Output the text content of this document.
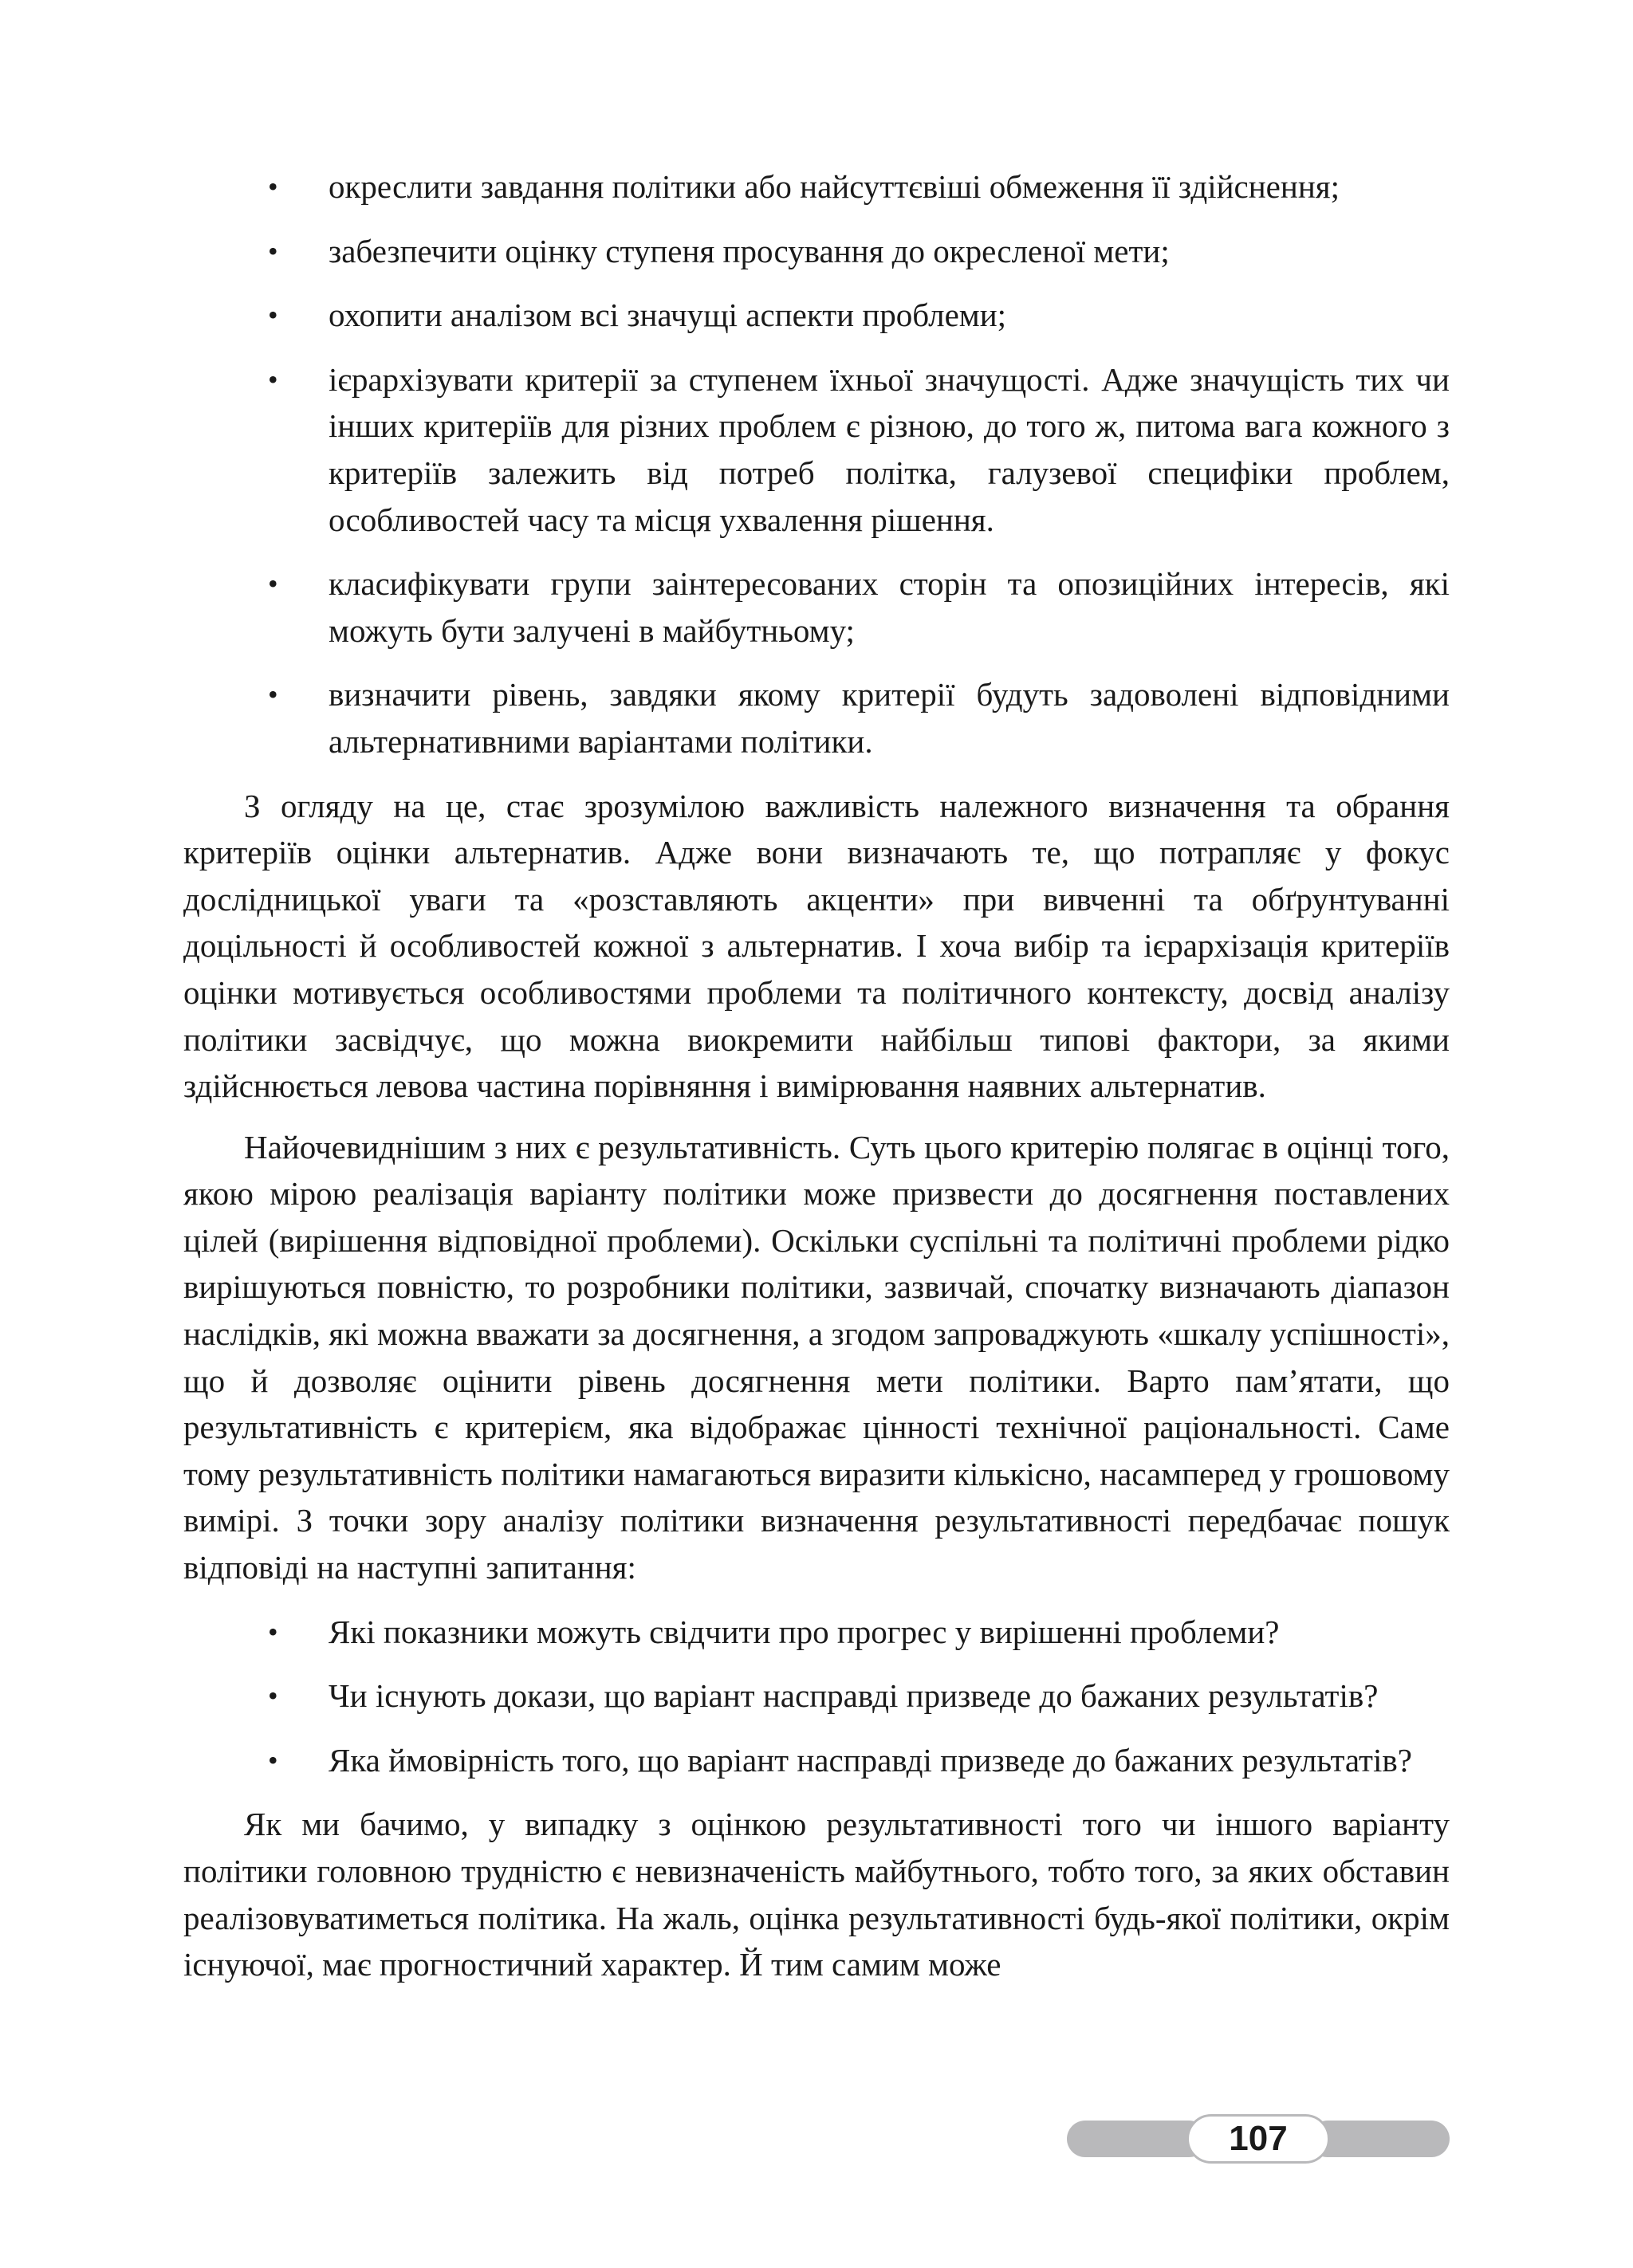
• окреслити завдання політики або найсуттєвіші обмеження її здійснення;
• забезпечити оцінку ступеня просування до окресленої мети;
• охопити аналізом всі значущі аспекти проблеми;
• ієрархізувати критерії за ступенем їхньої значущості. Адже значущість тих чи інших критеріїв для різних проблем є різною, до того ж, питома вага кожного з критеріїв залежить від потреб політка, галузевої специфіки проблем, особливостей часу та місця ухвалення рішення.
• класифікувати групи заінтересованих сторін та опозиційних інтересів, які можуть бути залучені в майбутньому;
• визначити рівень, завдяки якому критерії будуть задоволені відповідними альтернативними варіантами політики.

З огляду на це, стає зрозумілою важливість належного визначення та обрання критеріїв оцінки альтернатив. Адже вони визначають те, що потрапляє у фокус дослідницької уваги та «розставляють акценти» при вивченні та обґрунтуванні доцільності й особливостей кожної з альтернатив. І хоча вибір та ієрархізація критеріїв оцінки мотивується особливостями проблеми та політичного контексту, досвід аналізу політики засвідчує, що можна виокремити найбільш типові фактори, за якими здійснюється левова частина порівняння і вимірювання наявних альтернатив.

Найочевиднішим з них є результативність. Суть цього критерію полягає в оцінці того, якою мірою реалізація варіанту політики може призвести до досягнення поставлених цілей (вирішення відповідної проблеми). Оскільки суспільні та політичні проблеми рідко вирішуються повністю, то розробники політики, зазвичай, спочатку визначають діапазон наслідків, які можна вважати за досягнення, а згодом запроваджують «шкалу успішності», що й дозволяє оцінити рівень досягнення мети політики. Варто пам’ятати, що результативність є критерієм, яка відображає цінності технічної раціональності. Саме тому результативність політики намагаються виразити кількісно, насамперед у грошовому вимірі. З точки зору аналізу політики визначення результативності передбачає пошук відповіді на наступні запитання:

• Які показники можуть свідчити про прогрес у вирішенні проблеми?
• Чи існують докази, що варіант насправді призведе до бажаних результатів?
• Яка ймовірність того, що варіант насправді призведе до бажаних результатів?

Як ми бачимо, у випадку з оцінкою результативності того чи іншого варіанту політики головною трудністю є невизначеність майбутнього, тобто того, за яких обставин реалізовуватиметься політика. На жаль, оцінка результативності будь-якої політики, окрім існуючої, має прогностичний характер. Й тим самим може

107
